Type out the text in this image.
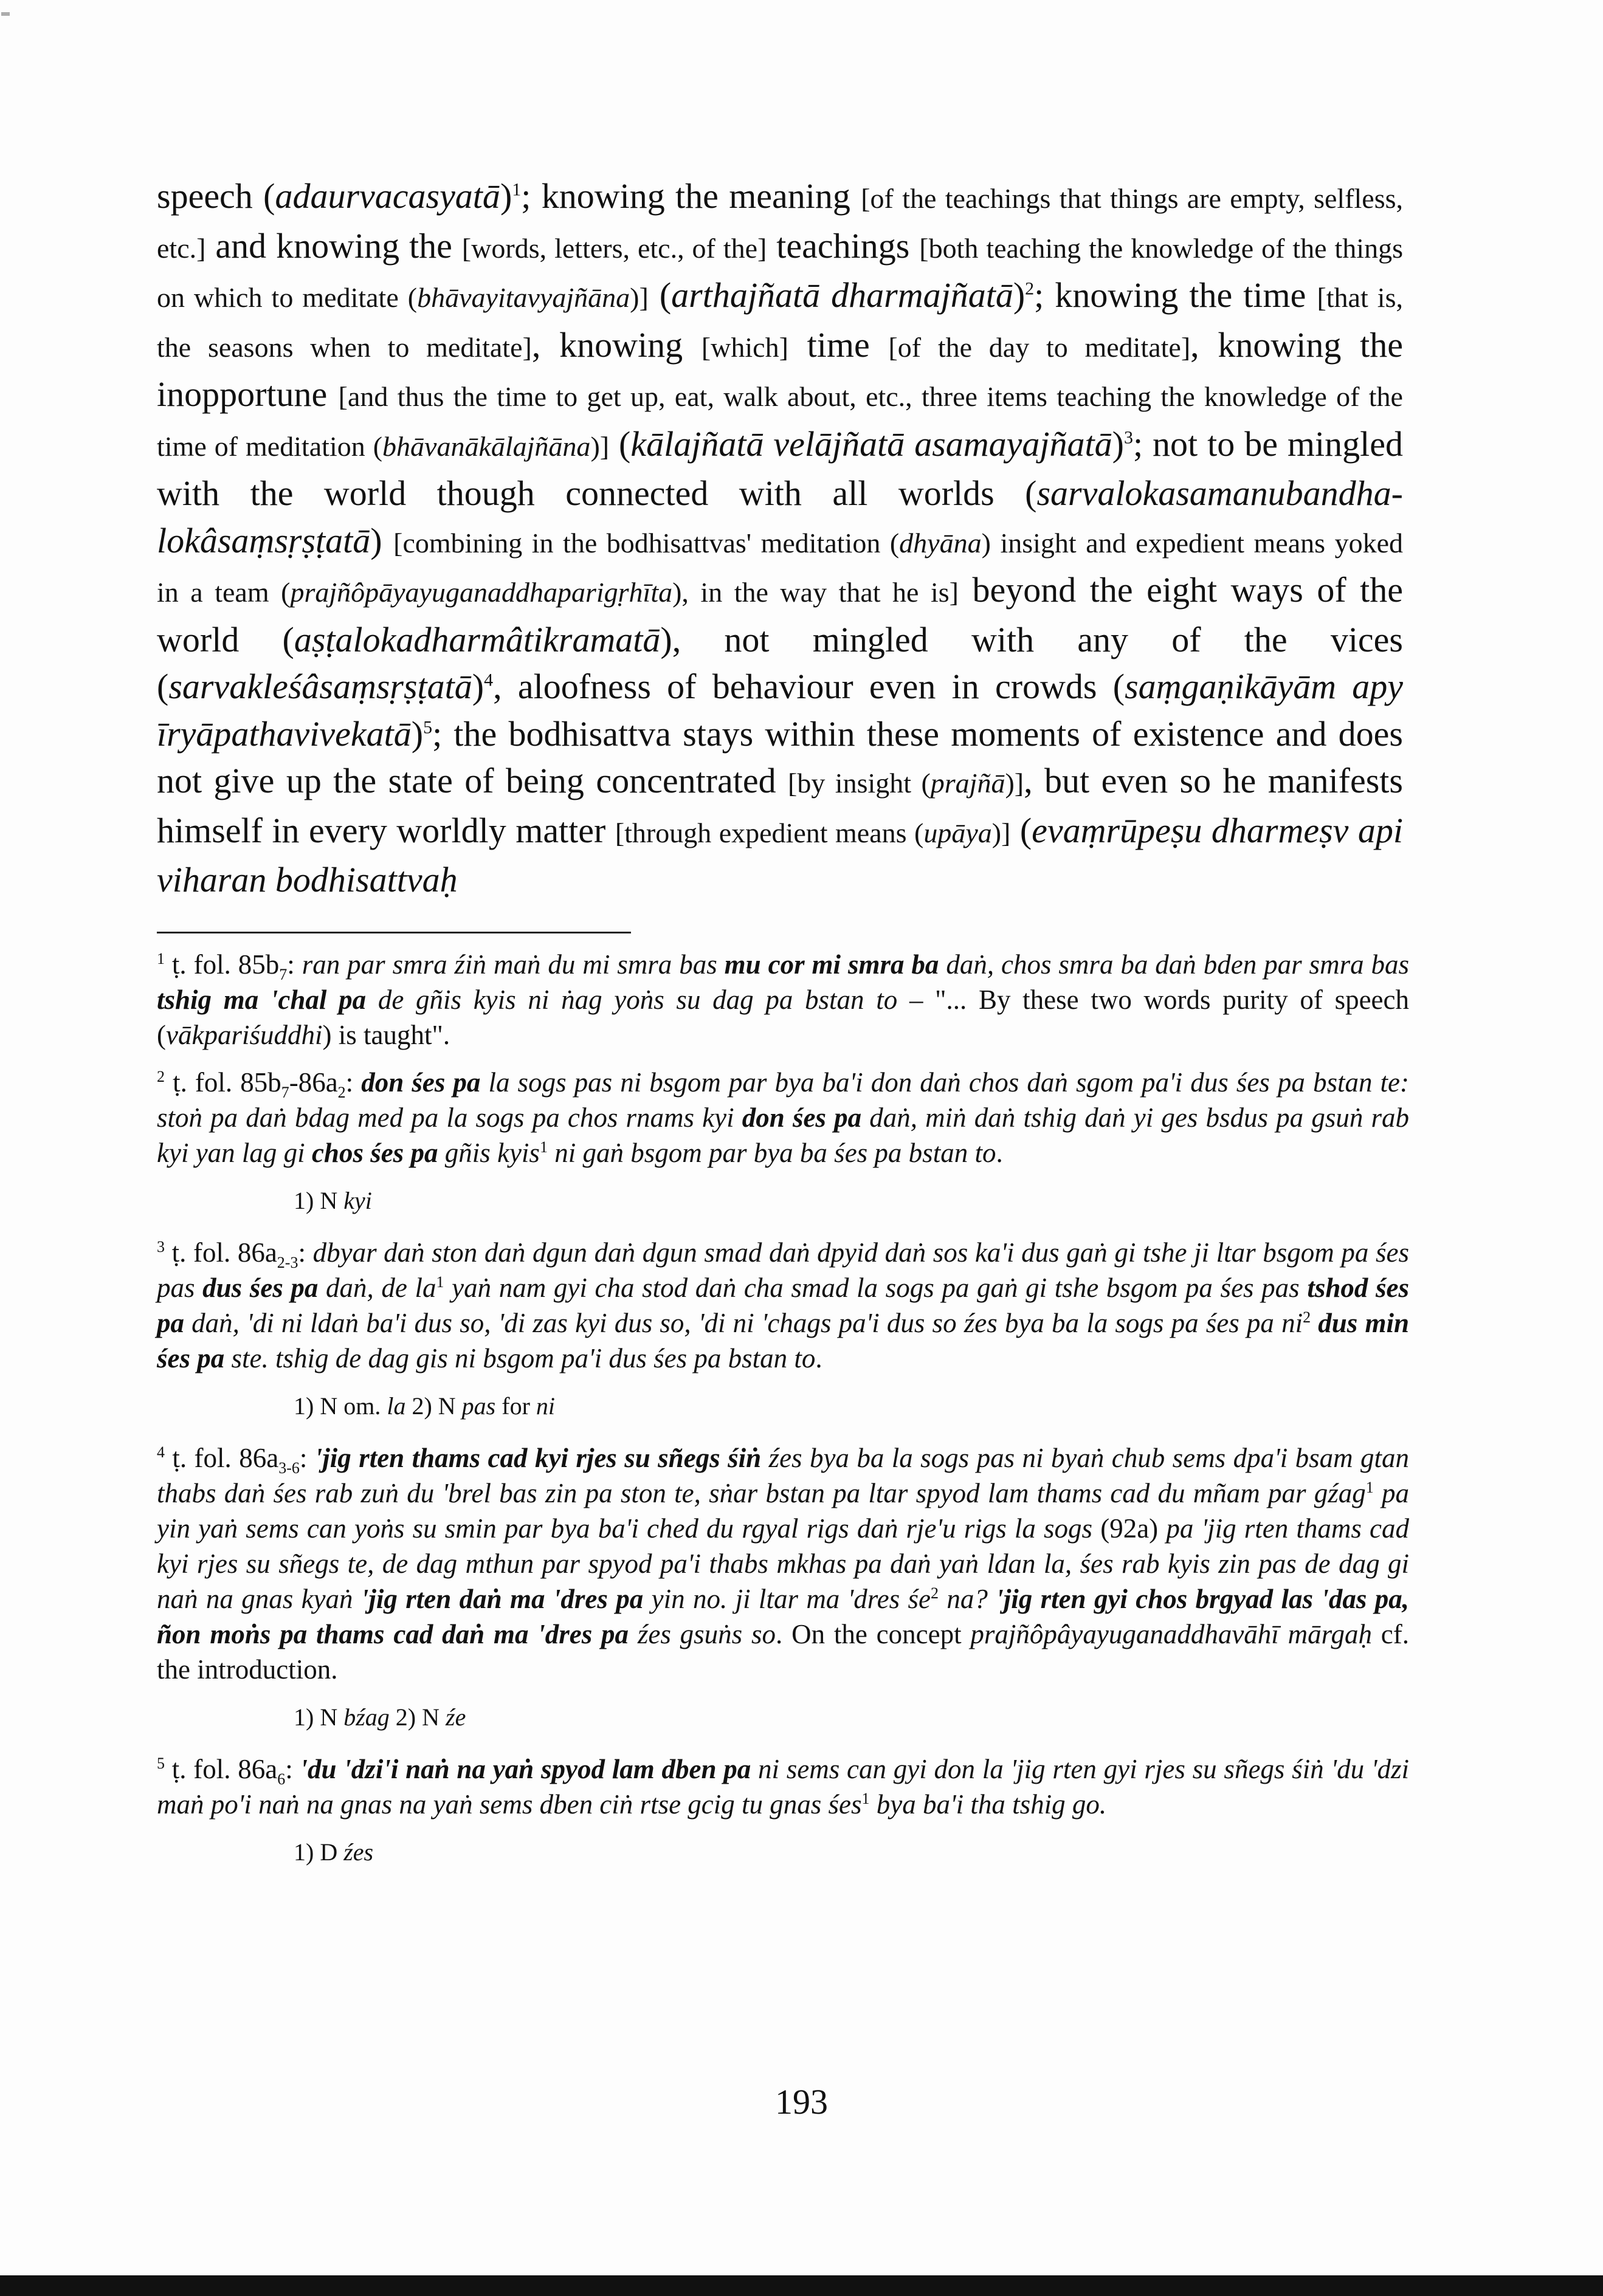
speech (adaurvacasyatā)$^1$; knowing the meaning [of the teachings that things are empty, selfless, etc.] and knowing the [words, letters, etc., of the] teachings [both teaching the knowledge of the things on which to meditate (bhāvayitavyajñāna)] (arthajñatā dharmajñatā)$^2$; knowing the time [that is, the seasons when to meditate], knowing [which] time [of the day to meditate], knowing the inopportune [and thus the time to get up, eat, walk about, etc., three items teaching the knowledge of the time of meditation (bhāvanākālajñāna)] (kālajñatā velājñatā asamayajñatā)$^3$; not to be mingled with the world though connected with all worlds (sarvalokasamanubandha-lokâsaṃsṛṣṭatā) [combining in the bodhisattvas' meditation (dhyāna) insight and expedient means yoked in a team (prajñôpāyayuganaddhaparigṛhīta), in the way that he is] beyond the eight ways of the world (aṣṭalokadharmâtikramatā), not mingled with any of the vices (sarvakleśâsaṃsṛṣṭatā)$^4$, aloofness of behaviour even in crowds (saṃgaṇikāyām apy īryāpathavivekatā)$^5$; the bodhisattva stays within these moments of existence and does not give up the state of being concentrated [by insight (prajñā)], but even so he manifests himself in every worldly matter [through expedient means (upāya)] (evaṃrūpeṣu dharmeṣv api viharan bodhisattvaḥ

$^1$ ṭ. fol. $85b_7$: ran par smra źiṅ maṅ du mi smra bas mu cor mi smra ba daṅ, chos smra ba daṅ bden par smra bas tshig ma 'chal pa de gñis kyis ni ṅag yoṅs su dag pa bstan to – "... By these two words purity of speech (vākpariśuddhi) is taught".

$^2$ ṭ. fol. $85b_7-86a_2$: don śes pa la sogs pas ni bsgom par bya ba'i don daṅ chos daṅ sgom pa'i dus śes pa bstan te: stoṅ pa daṅ bdag med pa la sogs pa chos rnams kyi don śes pa daṅ, miṅ daṅ tshig daṅ yi ges bsdus pa gsuṅ rab kyi yan lag gi chos śes pa gñis kyis$^1$ ni gaṅ bsgom par bya ba śes pa bstan to.

1) N kyi

$^3$ ṭ. fol. $86a_{2-3}$: dbyar daṅ ston daṅ dgun daṅ dgun smad daṅ dpyid daṅ sos ka'i dus gaṅ gi tshe ji ltar bsgom pa śes pas dus śes pa daṅ, de $la^1$ yaṅ nam gyi cha stod daṅ cha smad la sogs pa gaṅ gi tshe bsgom pa śes pas tshod śes pa daṅ, 'di ni ldaṅ ba'i dus so, 'di zas kyi dus so, 'di ni 'chags pa'i dus so źes bya ba la sogs pa śes pa $ni^2$ dus min śes pa ste. tshig de dag gis ni bsgom pa'i dus śes pa bstan to.

1) N om. la 2) N pas for ni

$^4$ ṭ. fol. $86a_{3-6}$: 'jig rten thams cad kyi rjes su sñegs śiṅ źes bya ba la sogs pas ni byaṅ chub sems dpa'i bsam gtan thabs daṅ śes rab zuṅ du 'brel bas zin pa ston te, sṅar bstan pa ltar spyod lam thams cad du mñam par gźag$^1$ pa yin yaṅ sems can yoṅs su smin par bya ba'i ched du rgyal rigs daṅ rje'u rigs la sogs (92a) pa 'jig rten thams cad kyi rjes su sñegs te, de dag mthun par spyod pa'i thabs mkhas pa daṅ yaṅ ldan la, śes rab kyis zin pas de dag gi naṅ na gnas kyaṅ 'jig rten daṅ ma 'dres pa yin no. ji ltar ma 'dres $śe^2$ na? 'jig rten gyi chos brgyad las 'das pa, ñon moṅs pa thams cad daṅ ma 'dres pa źes gsuṅs so. On the concept prajñôpâyayuganaddhavāhī mārgaḥ cf. the introduction.

1) N bźag 2) N źe

$^5$ ṭ. fol. $86a_6$: 'du 'dzi'i naṅ na yaṅ spyod lam dben pa ni sems can gyi don la 'jig rten gyi rjes su sñegs śiṅ 'du 'dzi maṅ po'i naṅ na gnas na yaṅ sems dben ciṅ rtse gcig tu gnas śes$^1$ bya ba'i tha tshig go.

1) D źes

193
